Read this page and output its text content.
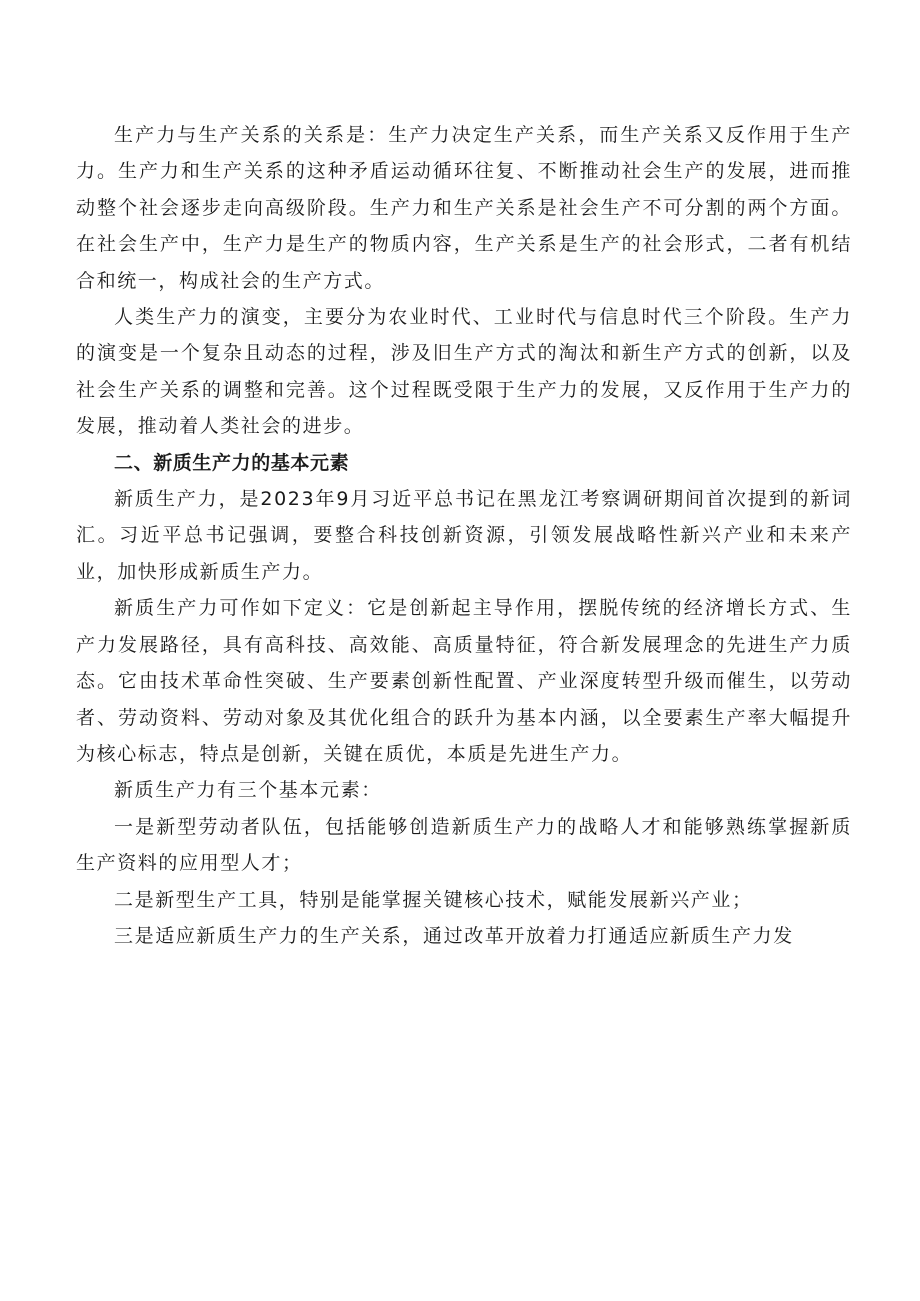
生产力与生产关系的关系是：生产力决定生产关系，而生产关系又反作用于生产力。生产力和生产关系的这种矛盾运动循环往复、不断推动社会生产的发展，进而推动整个社会逐步走向高级阶段。生产力和生产关系是社会生产不可分割的两个方面。在社会生产中，生产力是生产的物质内容，生产关系是生产的社会形式，二者有机结合和统一，构成社会的生产方式。

人类生产力的演变，主要分为农业时代、工业时代与信息时代三个阶段。生产力的演变是一个复杂且动态的过程，涉及旧生产方式的淘汰和新生产方式的创新，以及社会生产关系的调整和完善。这个过程既受限于生产力的发展，又反作用于生产力的发展，推动着人类社会的进步。

二、新质生产力的基本元素

新质生产力，是2023年9月习近平总书记在黑龙江考察调研期间首次提到的新词汇。习近平总书记强调，要整合科技创新资源，引领发展战略性新兴产业和未来产业，加快形成新质生产力。

新质生产力可作如下定义：它是创新起主导作用，摆脱传统的经济增长方式、生产力发展路径，具有高科技、高效能、高质量特征，符合新发展理念的先进生产力质态。它由技术革命性突破、生产要素创新性配置、产业深度转型升级而催生，以劳动者、劳动资料、劳动对象及其优化组合的跃升为基本内涵，以全要素生产率大幅提升为核心标志，特点是创新，关键在质优，本质是先进生产力。

新质生产力有三个基本元素：

一是新型劳动者队伍，包括能够创造新质生产力的战略人才和能够熟练掌握新质生产资料的应用型人才；

二是新型生产工具，特别是能掌握关键核心技术，赋能发展新兴产业；

三是适应新质生产力的生产关系，通过改革开放着力打通适应新质生产力发
